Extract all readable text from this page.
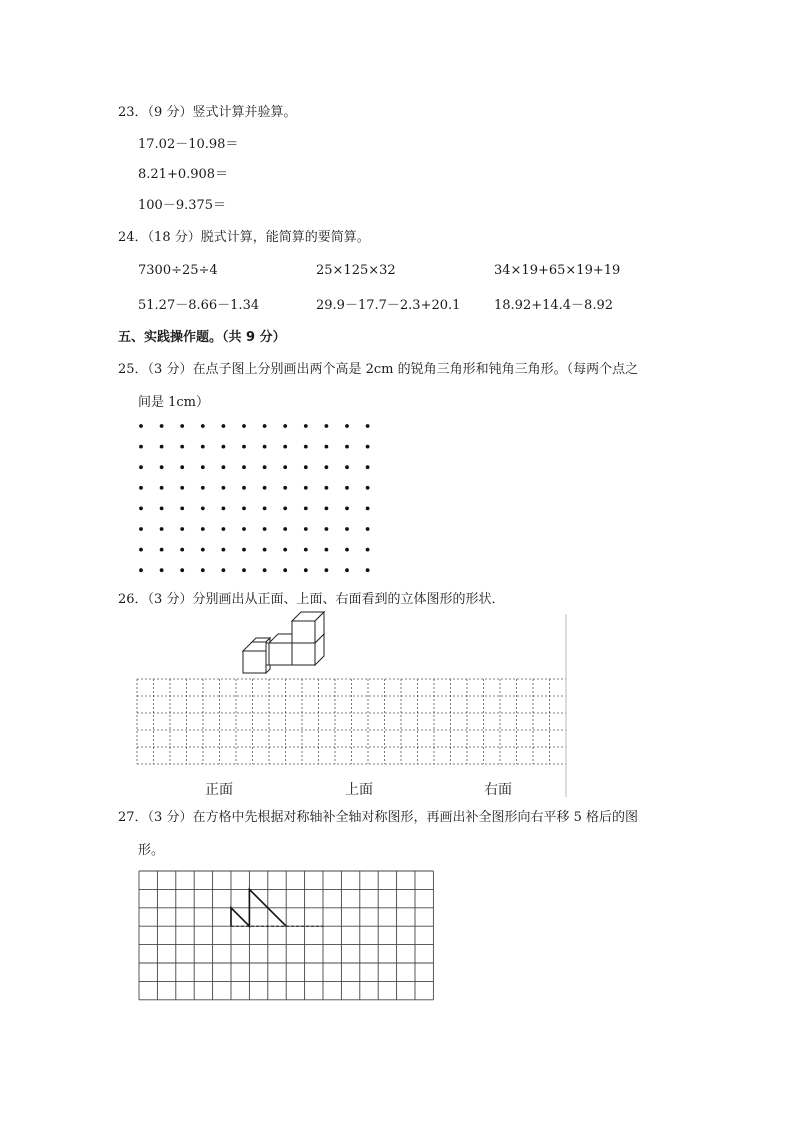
23．（9 分）竖式计算并验算。
17.02－10.98＝
8.21+0.908＝
100－9.375＝
24．（18 分）脱式计算，能简算的要简算。
7300÷25÷4	25×125×32	34×19+65×19+19
51.27－8.66－1.34	29.9－17.7－2.3+20.1	18.92+14.4－8.92
五、实践操作题。（共 9 分）
25．（3 分）在点子图上分别画出两个高是 2cm 的锐角三角形和钝角三角形。（每两个点之
间是 1cm）
26．（3 分）分别画出从正面、上面、右面看到的立体图形的形状．
正面	上面	右面
27．（3 分）在方格中先根据对称轴补全轴对称图形，再画出补全图形向右平移 5 格后的图
形。
